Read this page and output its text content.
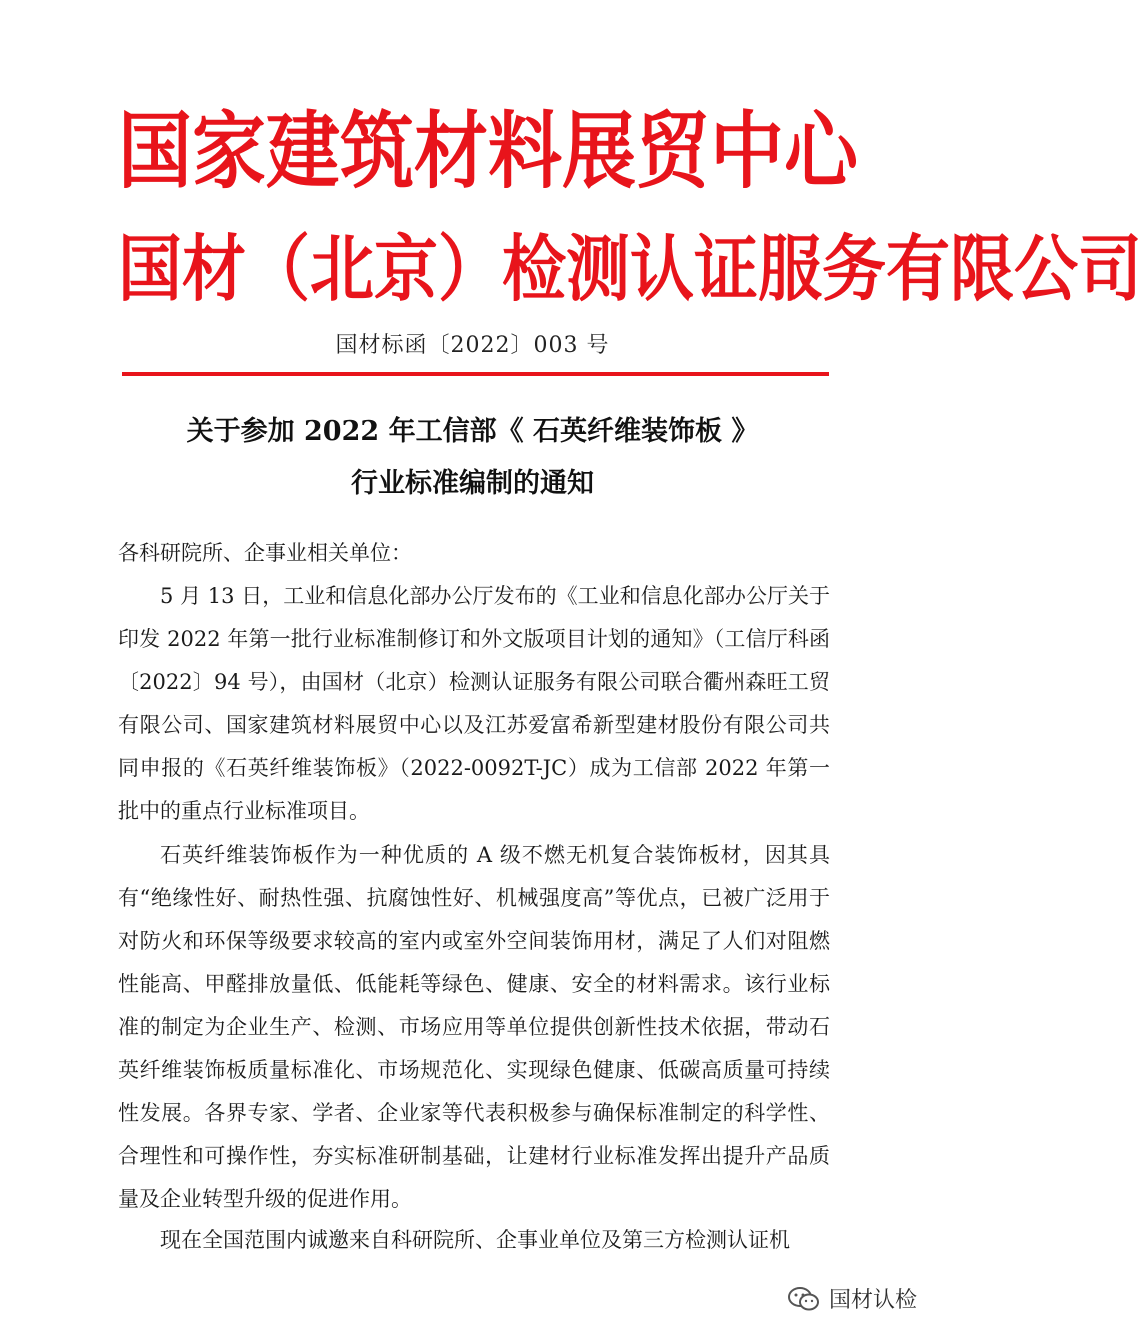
国家建筑材料展贸中心
国材（北京）检测认证服务有限公司
国材标函〔2022〕003 号
关于参加 2022 年工信部《 石英纤维装饰板 》
行业标准编制的通知
各科研院所、企事业相关单位：

5 月 13 日，工业和信息化部办公厅发布的《工业和信息化部办公厅关于印发 2022 年第一批行业标准制修订和外文版项目计划的通知》（工信厅科函〔2022〕94 号），由国材（北京）检测认证服务有限公司联合衢州森旺工贸有限公司、国家建筑材料展贸中心以及江苏爱富希新型建材股份有限公司共同申报的《石英纤维装饰板》（2022-0092T-JC）成为工信部 2022 年第一批中的重点行业标准项目。

石英纤维装饰板作为一种优质的 A 级不燃无机复合装饰板材，因其具有“绝缘性好、耐热性强、抗腐蚀性好、机械强度高”等优点，已被广泛用于对防火和环保等级要求较高的室内或室外空间装饰用材，满足了人们对阻燃性能高、甲醛排放量低、低能耗等绿色、健康、安全的材料需求。该行业标准的制定为企业生产、检测、市场应用等单位提供创新性技术依据，带动石英纤维装饰板质量标准化、市场规范化、实现绿色健康、低碳高质量可持续性发展。各界专家、学者、企业家等代表积极参与确保标准制定的科学性、合理性和可操作性，夯实标准研制基础，让建材行业标准发挥出提升产品质量及企业转型升级的促进作用。

现在全国范围内诚邀来自科研院所、企事业单位及第三方检测认证机

国材认检
